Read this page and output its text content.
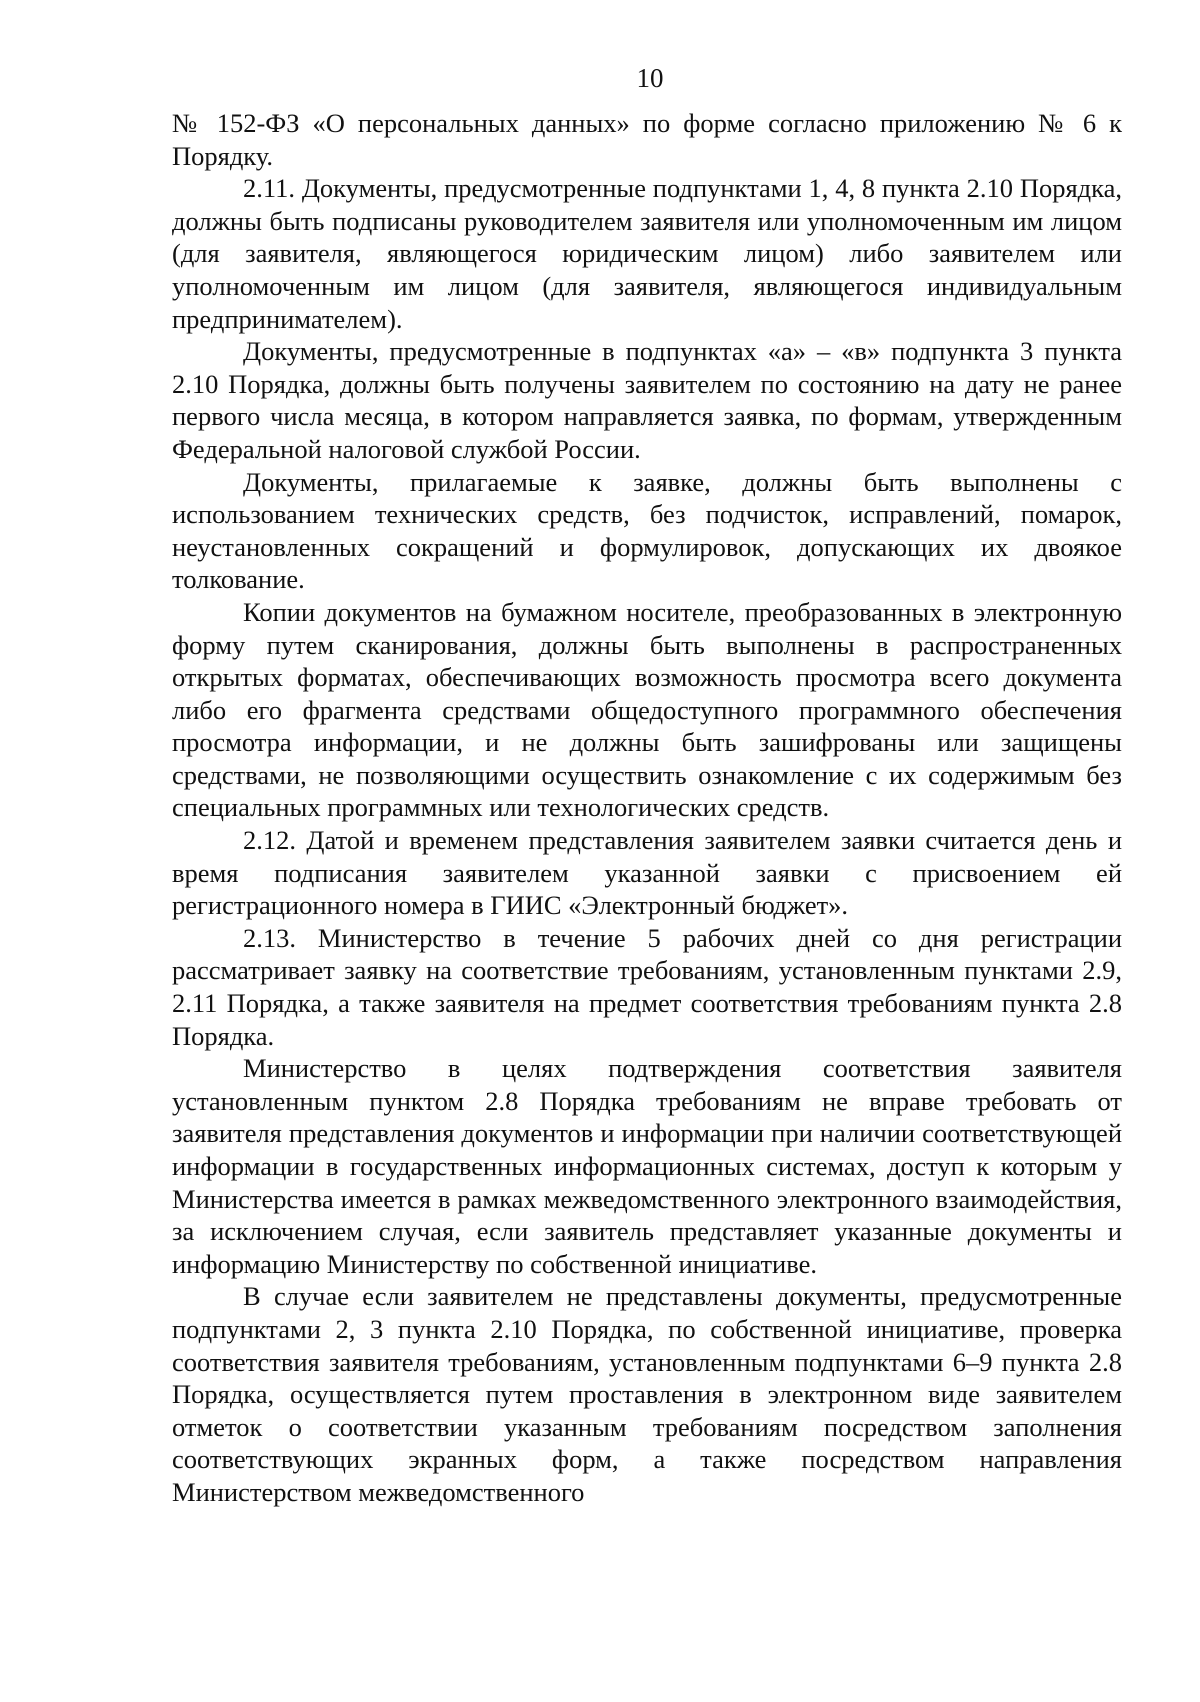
10

№ 152-ФЗ «О персональных данных» по форме согласно приложению № 6 к Порядку.

2.11. Документы, предусмотренные подпунктами 1, 4, 8 пункта 2.10 Порядка, должны быть подписаны руководителем заявителя или уполномоченным им лицом (для заявителя, являющегося юридическим лицом) либо заявителем или уполномоченным им лицом (для заявителя, являющегося индивидуальным предпринимателем).

Документы, предусмотренные в подпунктах «а» – «в» подпункта 3 пункта 2.10 Порядка, должны быть получены заявителем по состоянию на дату не ранее первого числа месяца, в котором направляется заявка, по формам, утвержденным Федеральной налоговой службой России.

Документы, прилагаемые к заявке, должны быть выполнены с использованием технических средств, без подчисток, исправлений, помарок, неустановленных сокращений и формулировок, допускающих их двоякое толкование.

Копии документов на бумажном носителе, преобразованных в электронную форму путем сканирования, должны быть выполнены в распространенных открытых форматах, обеспечивающих возможность просмотра всего документа либо его фрагмента средствами общедоступного программного обеспечения просмотра информации, и не должны быть зашифрованы или защищены средствами, не позволяющими осуществить ознакомление с их содержимым без специальных программных или технологических средств.

2.12. Датой и временем представления заявителем заявки считается день и время подписания заявителем указанной заявки с присвоением ей регистрационного номера в ГИИС «Электронный бюджет».

2.13. Министерство в течение 5 рабочих дней со дня регистрации рассматривает заявку на соответствие требованиям, установленным пунктами 2.9, 2.11 Порядка, а также заявителя на предмет соответствия требованиям пункта 2.8 Порядка.

Министерство в целях подтверждения соответствия заявителя установленным пунктом 2.8 Порядка требованиям не вправе требовать от заявителя представления документов и информации при наличии соответствующей информации в государственных информационных системах, доступ к которым у Министерства имеется в рамках межведомственного электронного взаимодействия, за исключением случая, если заявитель представляет указанные документы и информацию Министерству по собственной инициативе.

В случае если заявителем не представлены документы, предусмотренные подпунктами 2, 3 пункта 2.10 Порядка, по собственной инициативе, проверка соответствия заявителя требованиям, установленным подпунктами 6–9 пункта 2.8 Порядка, осуществляется путем проставления в электронном виде заявителем отметок о соответствии указанным требованиям посредством заполнения соответствующих экранных форм, а также посредством направления Министерством межведомственного
